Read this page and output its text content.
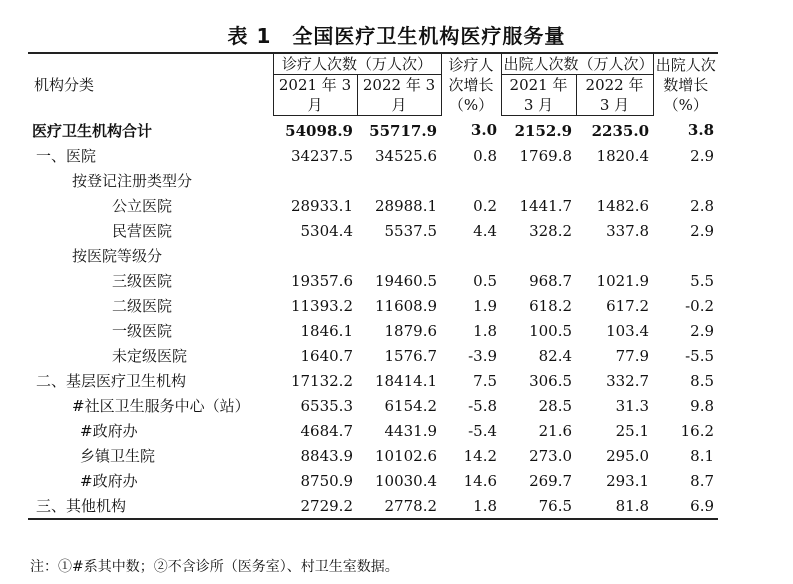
表 1　全国医疗卫生机构医疗服务量
机构分类	诊疗人次数（万人次）		诊疗人次增长（%）	出院人次数（万人次）		出院人次数增长（%）
	2021 年 3 月	2022 年 3 月		2021 年 3 月	2022 年 3 月	
医疗卫生机构合计	54098.9	55717.9	3.0	2152.9	2235.0	3.8
一、医院	34237.5	34525.6	0.8	1769.8	1820.4	2.9
按登记注册类型分						
公立医院	28933.1	28988.1	0.2	1441.7	1482.6	2.8
民营医院	5304.4	5537.5	4.4	328.2	337.8	2.9
按医院等级分						
三级医院	19357.6	19460.5	0.5	968.7	1021.9	5.5
二级医院	11393.2	11608.9	1.9	618.2	617.2	-0.2
一级医院	1846.1	1879.6	1.8	100.5	103.4	2.9
未定级医院	1640.7	1576.7	-3.9	82.4	77.9	-5.5
二、基层医疗卫生机构	17132.2	18414.1	7.5	306.5	332.7	8.5
#社区卫生服务中心（站）	6535.3	6154.2	-5.8	28.5	31.3	9.8
#政府办	4684.7	4431.9	-5.4	21.6	25.1	16.2
乡镇卫生院	8843.9	10102.6	14.2	273.0	295.0	8.1
#政府办	8750.9	10030.4	14.6	269.7	293.1	8.7
三、其他机构	2729.2	2778.2	1.8	76.5	81.8	6.9
注：①#系其中数；②不含诊所（医务室）、村卫生室数据。
